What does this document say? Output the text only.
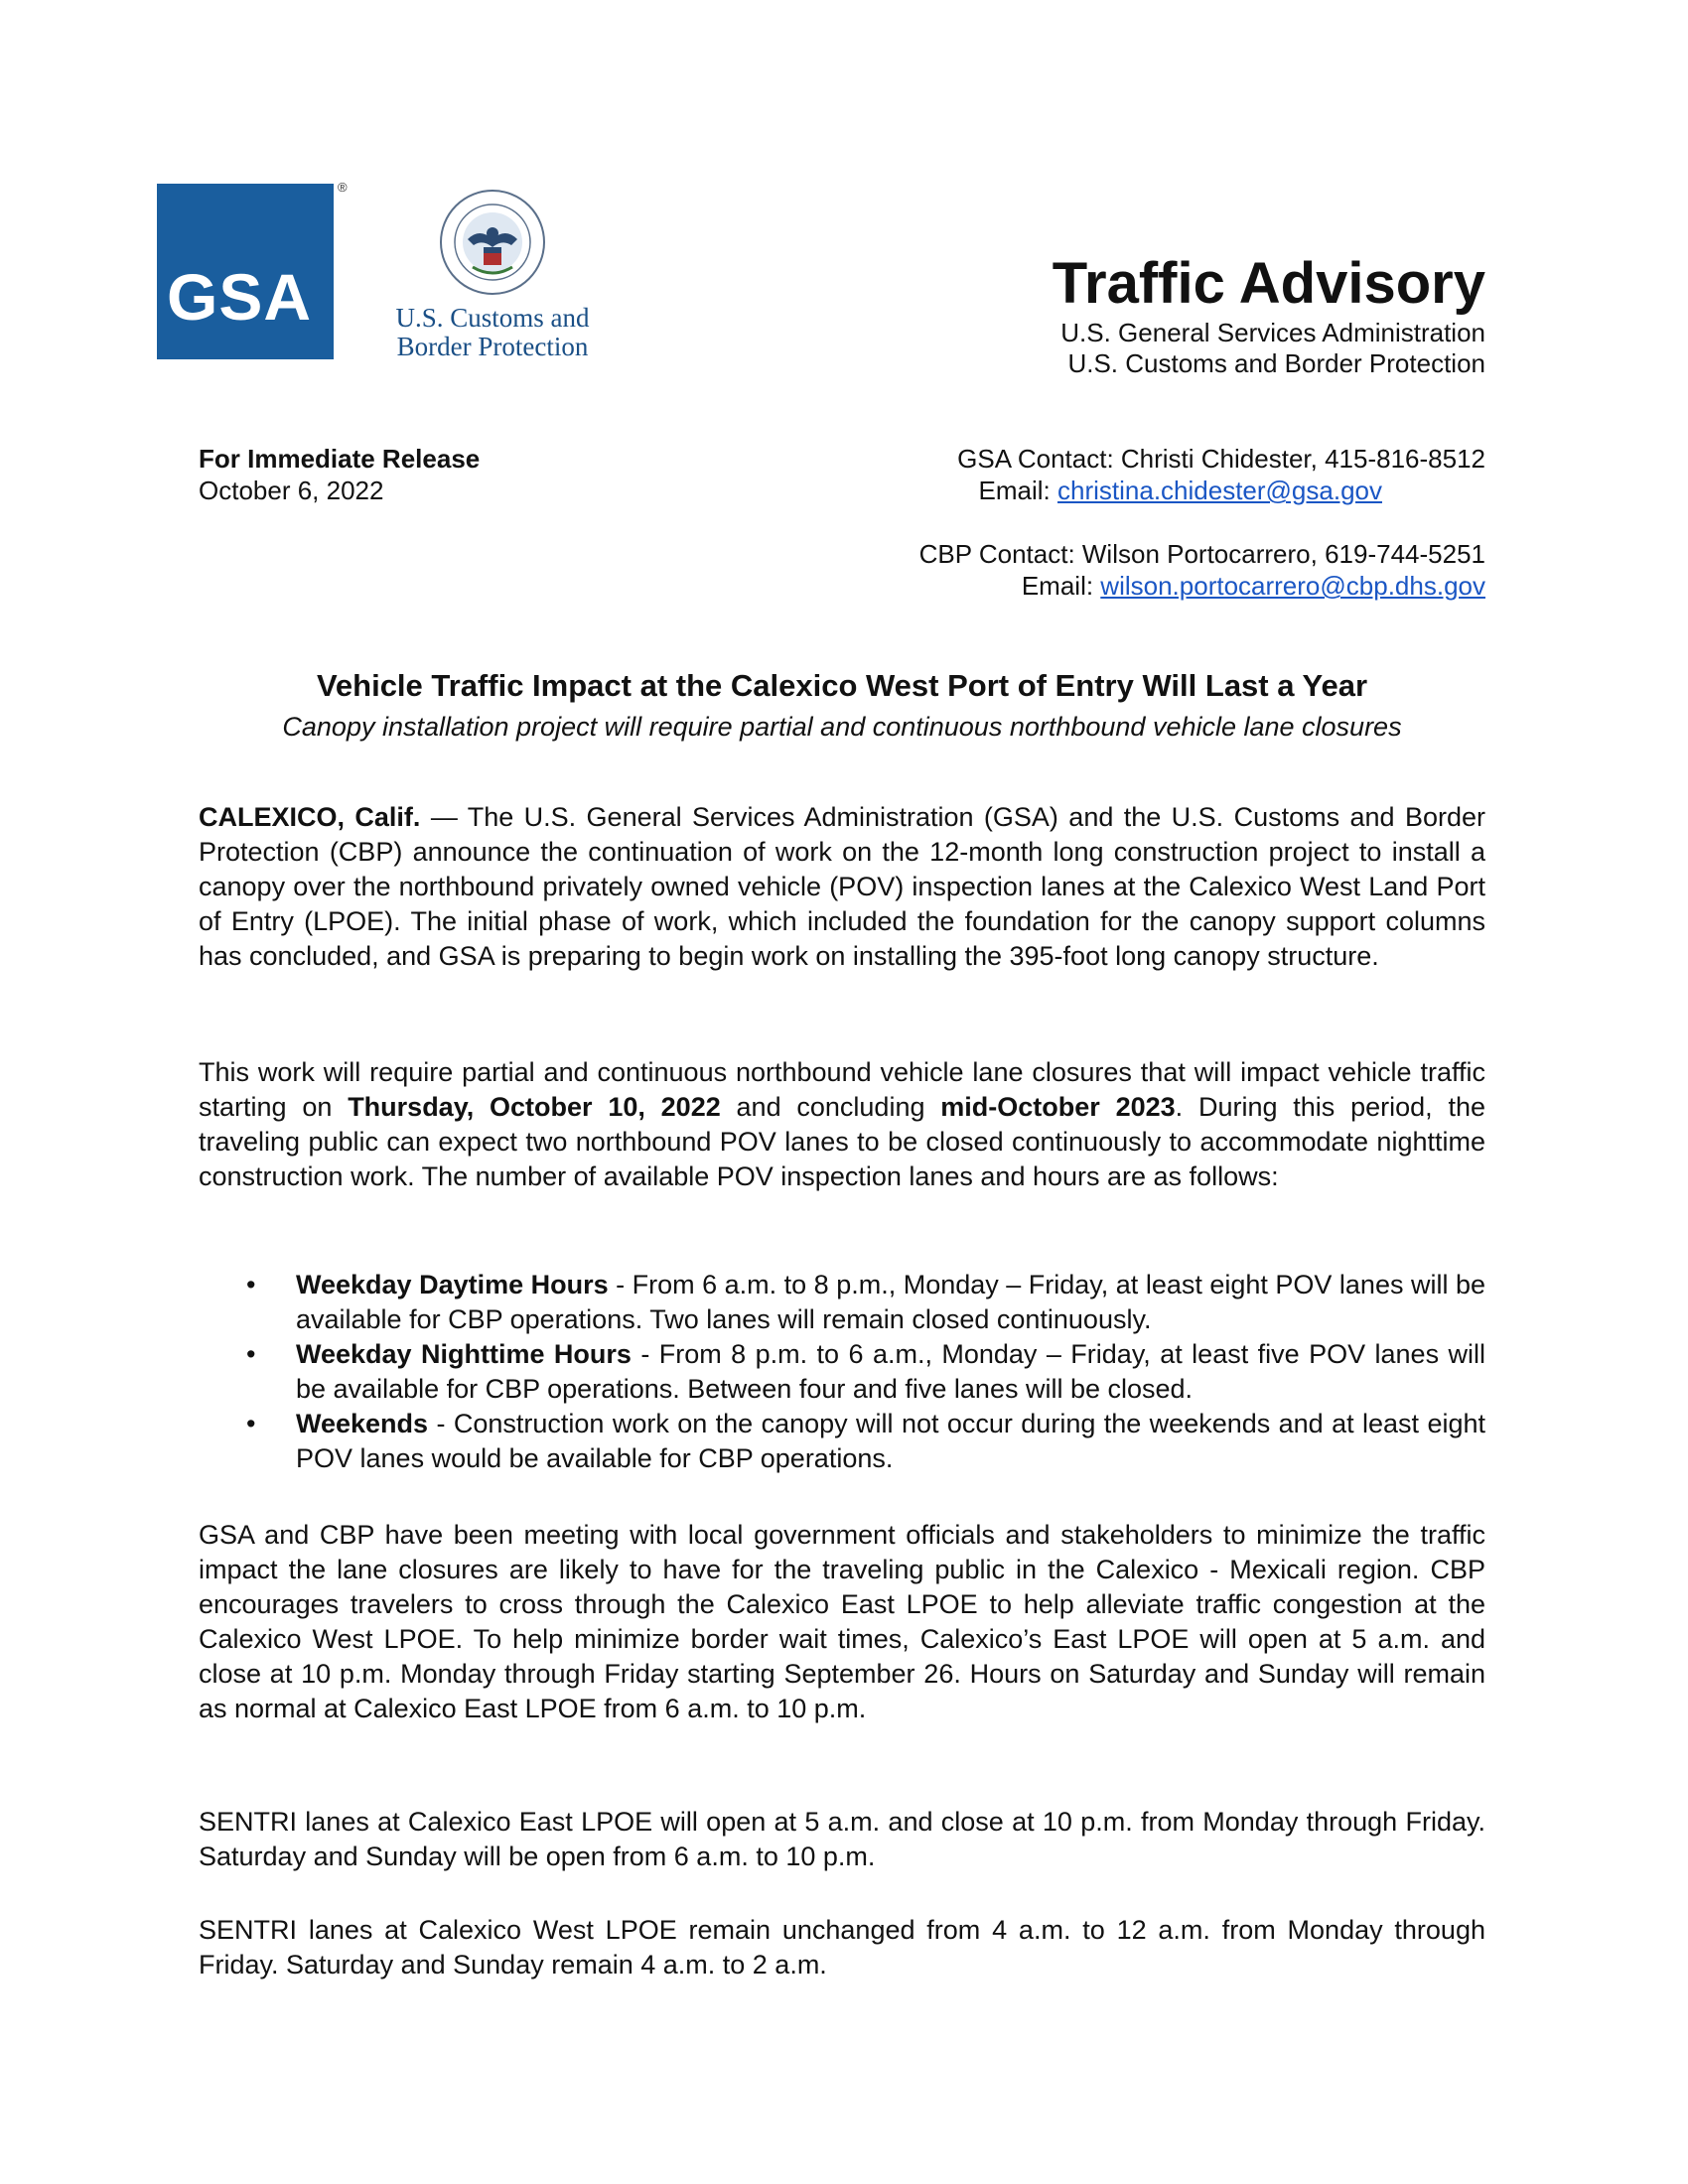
GSA
®
U.S. Customs and
Border Protection
Traffic Advisory
U.S. General Services Administration
U.S. Customs and Border Protection
For Immediate Release
October 6, 2022
GSA Contact: Christi Chidester, 415-816-8512
Email: christina.chidester@gsa.gov
CBP Contact: Wilson Portocarrero, 619-744-5251
Email: wilson.portocarrero@cbp.dhs.gov
Vehicle Traffic Impact at the Calexico West Port of Entry Will Last a Year
Canopy installation project will require partial and continuous northbound vehicle lane closures
CALEXICO, Calif. — The U.S. General Services Administration (GSA) and the U.S. Customs and Border Protection (CBP) announce the continuation of work on the 12-month long construction project to install a canopy over the northbound privately owned vehicle (POV) inspection lanes at the Calexico West Land Port of Entry (LPOE). The initial phase of work, which included the foundation for the canopy support columns has concluded, and GSA is preparing to begin work on installing the 395-foot long canopy structure.
This work will require partial and continuous northbound vehicle lane closures that will impact vehicle traffic starting on Thursday, October 10, 2022 and concluding mid-October 2023. During this period, the traveling public can expect two northbound POV lanes to be closed continuously to accommodate nighttime construction work. The number of available POV inspection lanes and hours are as follows:
• Weekday Daytime Hours - From 6 a.m. to 8 p.m., Monday – Friday, at least eight POV lanes will be available for CBP operations. Two lanes will remain closed continuously.
• Weekday Nighttime Hours - From 8 p.m. to 6 a.m., Monday – Friday, at least five POV lanes will be available for CBP operations. Between four and five lanes will be closed.
• Weekends - Construction work on the canopy will not occur during the weekends and at least eight POV lanes would be available for CBP operations.
GSA and CBP have been meeting with local government officials and stakeholders to minimize the traffic impact the lane closures are likely to have for the traveling public in the Calexico - Mexicali region. CBP encourages travelers to cross through the Calexico East LPOE to help alleviate traffic congestion at the Calexico West LPOE. To help minimize border wait times, Calexico’s East LPOE will open at 5 a.m. and close at 10 p.m. Monday through Friday starting September 26. Hours on Saturday and Sunday will remain as normal at Calexico East LPOE from 6 a.m. to 10 p.m.
SENTRI lanes at Calexico East LPOE will open at 5 a.m. and close at 10 p.m. from Monday through Friday. Saturday and Sunday will be open from 6 a.m. to 10 p.m.
SENTRI lanes at Calexico West LPOE remain unchanged from 4 a.m. to 12 a.m. from Monday through Friday. Saturday and Sunday remain 4 a.m. to 2 a.m.
